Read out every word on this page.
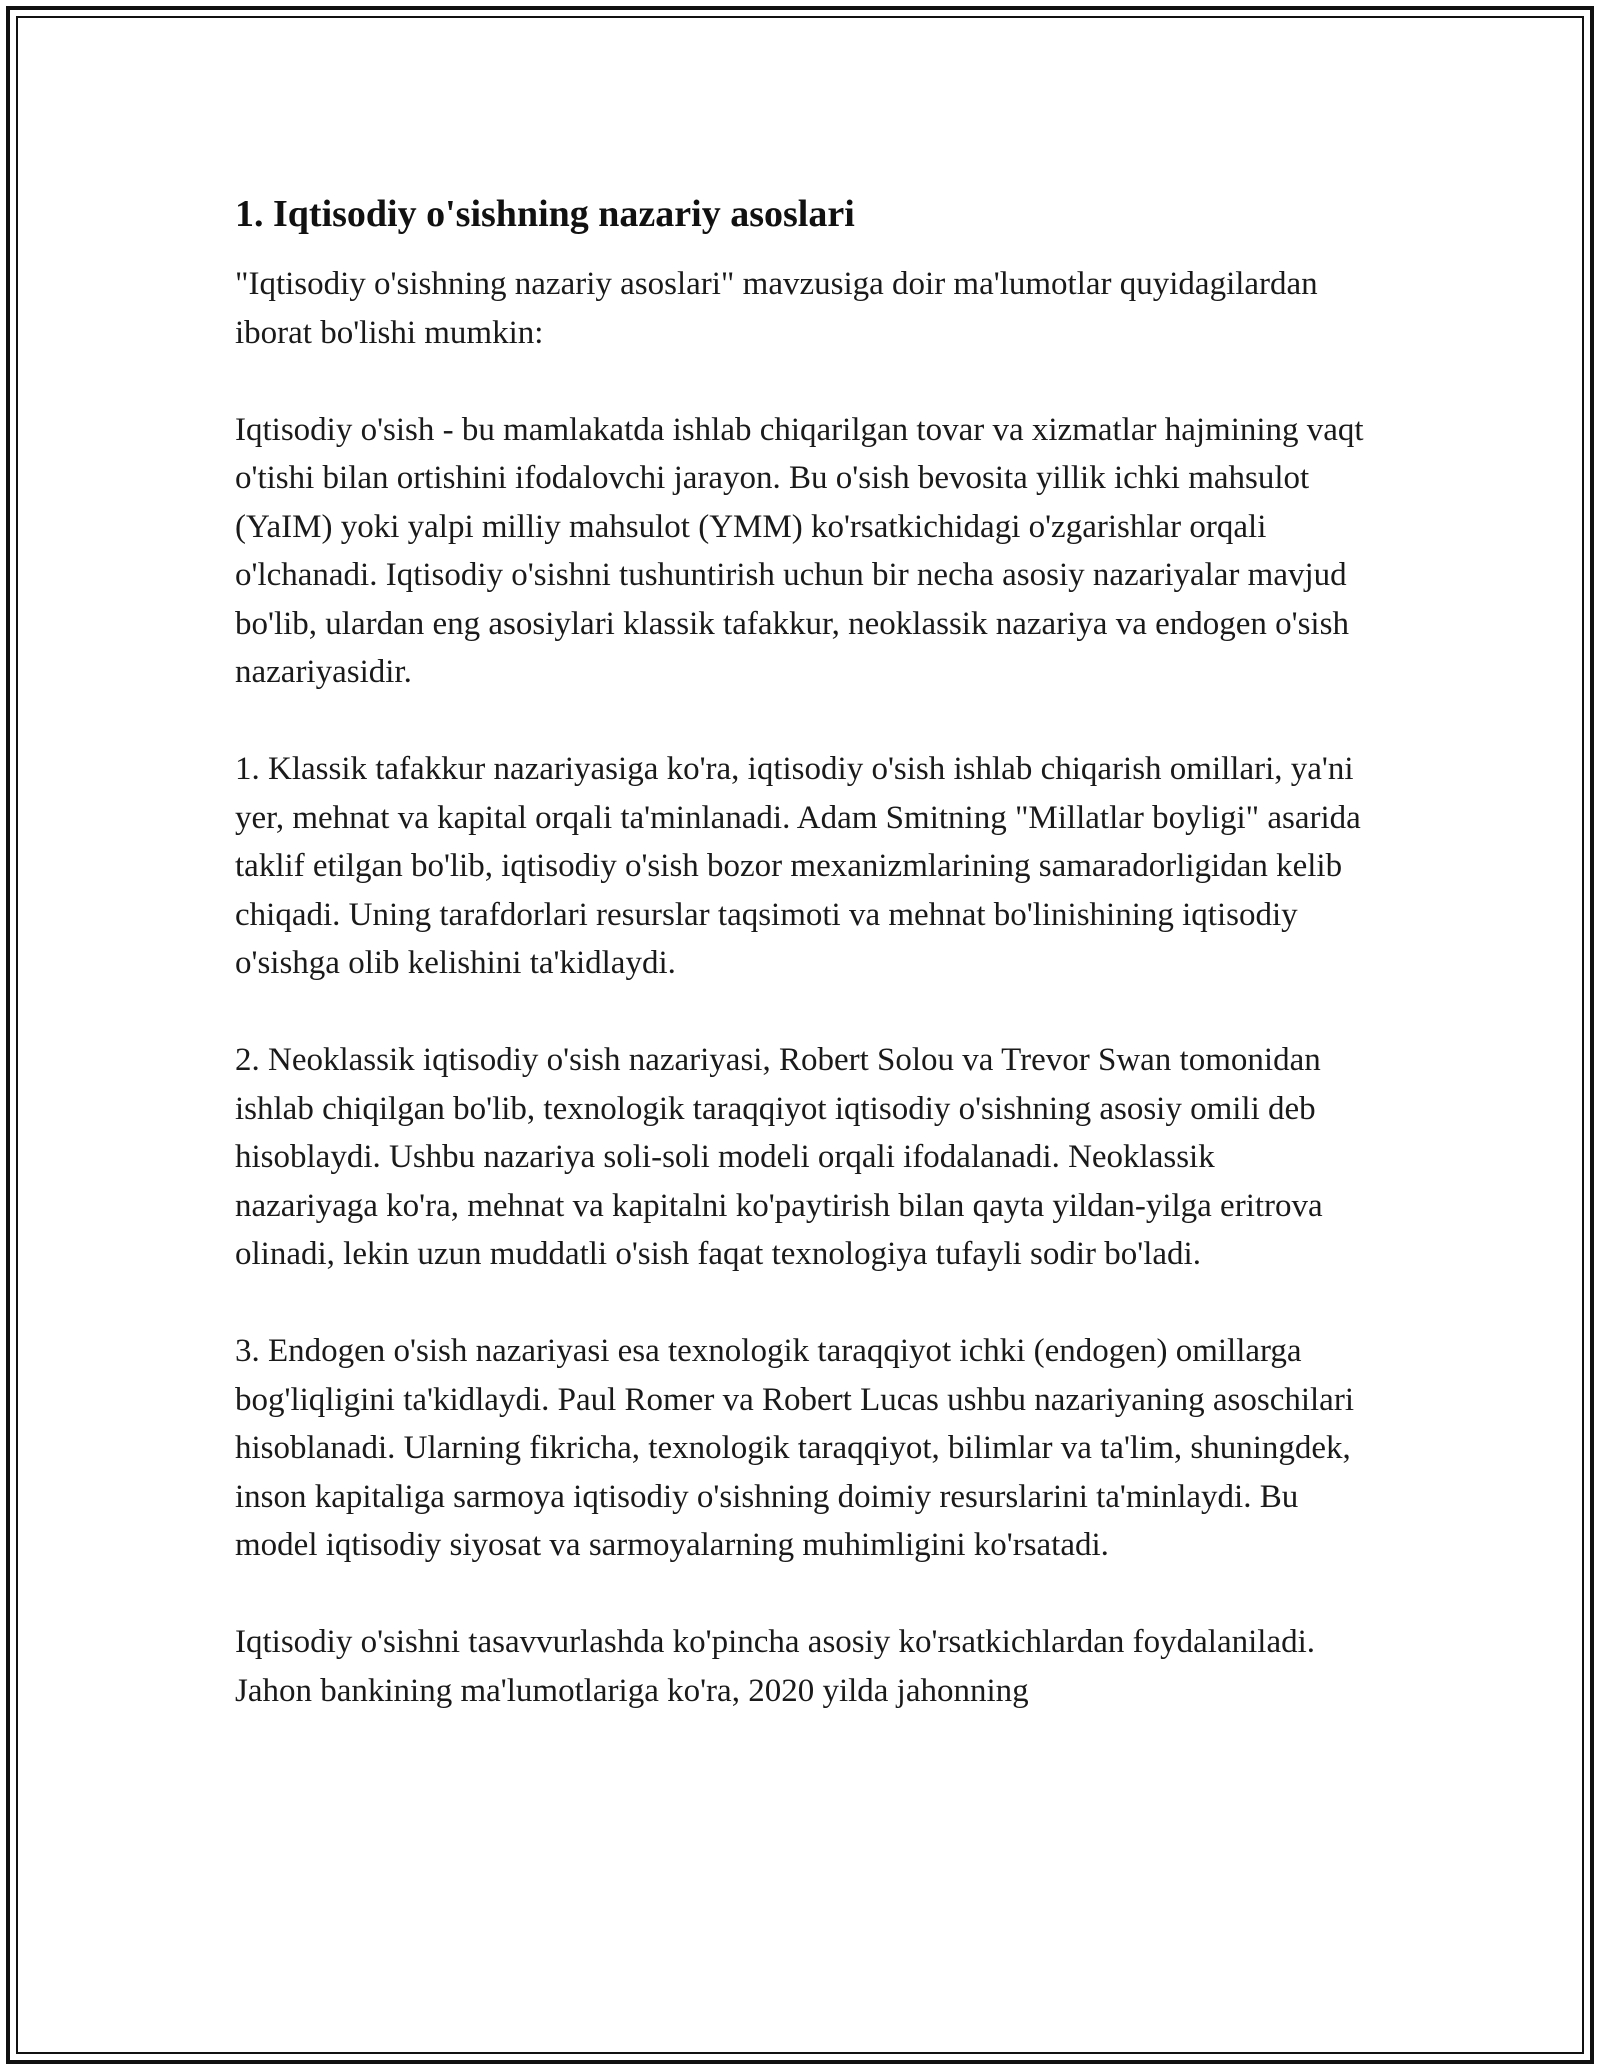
1. Iqtisodiy o'sishning nazariy asoslari

"Iqtisodiy o'sishning nazariy asoslari" mavzusiga doir ma'lumotlar quyidagilardan iborat bo'lishi mumkin:

Iqtisodiy o'sish - bu mamlakatda ishlab chiqarilgan tovar va xizmatlar hajmining vaqt o'tishi bilan ortishini ifodalovchi jarayon. Bu o'sish bevosita yillik ichki mahsulot (YaIM) yoki yalpi milliy mahsulot (YMM) ko'rsatkichidagi o'zgarishlar orqali o'lchanadi. Iqtisodiy o'sishni tushuntirish uchun bir necha asosiy nazariyalar mavjud bo'lib, ulardan eng asosiylari klassik tafakkur, neoklassik nazariya va endogen o'sish nazariyasidir.

1. Klassik tafakkur nazariyasiga ko'ra, iqtisodiy o'sish ishlab chiqarish omillari, ya'ni yer, mehnat va kapital orqali ta'minlanadi. Adam Smitning "Millatlar boyligi" asarida taklif etilgan bo'lib, iqtisodiy o'sish bozor mexanizmlarining samaradorligidan kelib chiqadi. Uning tarafdorlari resurslar taqsimoti va mehnat bo'linishining iqtisodiy o'sishga olib kelishini ta'kidlaydi.

2. Neoklassik iqtisodiy o'sish nazariyasi, Robert Solou va Trevor Swan tomonidan ishlab chiqilgan bo'lib, texnologik taraqqiyot iqtisodiy o'sishning asosiy omili deb hisoblaydi. Ushbu nazariya soli-soli modeli orqali ifodalanadi. Neoklassik nazariyaga ko'ra, mehnat va kapitalni ko'paytirish bilan qayta yildan-yilga eritrova olinadi, lekin uzun muddatli o'sish faqat texnologiya tufayli sodir bo'ladi.

3. Endogen o'sish nazariyasi esa texnologik taraqqiyot ichki (endogen) omillarga bog'liqligini ta'kidlaydi. Paul Romer va Robert Lucas ushbu nazariyaning asoschilari hisoblanadi. Ularning fikricha, texnologik taraqqiyot, bilimlar va ta'lim, shuningdek, inson kapitaliga sarmoya iqtisodiy o'sishning doimiy resurslarini ta'minlaydi. Bu model iqtisodiy siyosat va sarmoyalarning muhimligini ko'rsatadi.

Iqtisodiy o'sishni tasavvurlashda ko'pincha asosiy ko'rsatkichlardan foydalaniladi. Jahon bankining ma'lumotlariga ko'ra, 2020 yilda jahonning
